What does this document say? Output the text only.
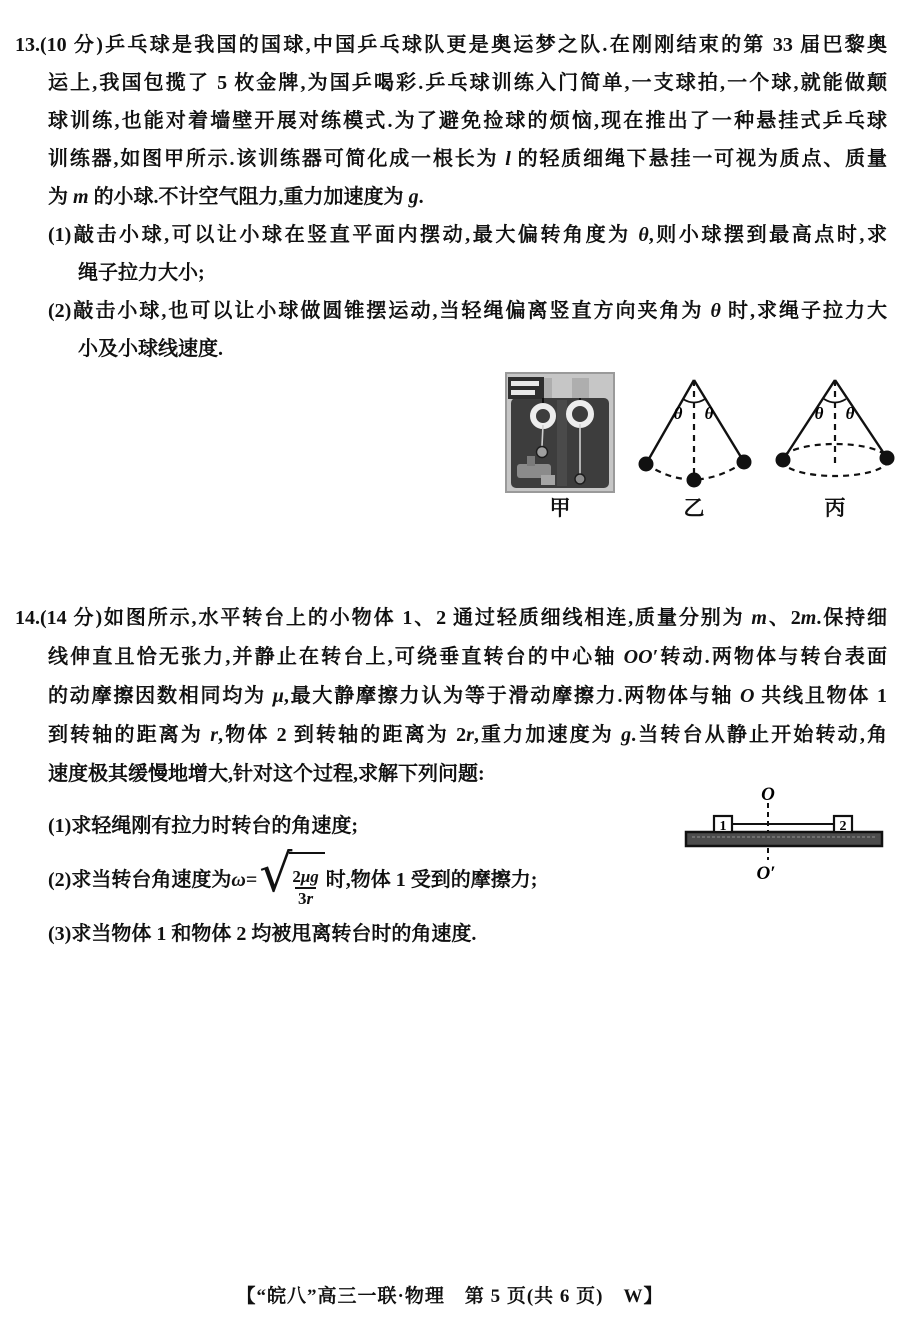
13.(10 分)乒乓球是我国的国球,中国乒乓球队更是奥运梦之队.在刚刚结束的第 33 届巴黎奥
运上,我国包揽了 5 枚金牌,为国乒喝彩.乒乓球训练入门简单,一支球拍,一个球,就能做颠
球训练,也能对着墙壁开展对练模式.为了避免捡球的烦恼,现在推出了一种悬挂式乒乓球
训练器,如图甲所示.该训练器可简化成一根长为 l 的轻质细绳下悬挂一可视为质点、质量
为 m 的小球.不计空气阻力,重力加速度为 g.
(1)敲击小球,可以让小球在竖直平面内摆动,最大偏转角度为 θ,则小球摆到最高点时,求
绳子拉力大小;
(2)敲击小球,也可以让小球做圆锥摆运动,当轻绳偏离竖直方向夹角为 θ 时,求绳子拉力大
小及小球线速度.
甲
θ θ
乙
θ θ
丙
14.(14 分)如图所示,水平转台上的小物体 1、2 通过轻质细线相连,质量分别为 m、2m.保持细
线伸直且恰无张力,并静止在转台上,可绕垂直转台的中心轴 OO′转动.两物体与转台表面
的动摩擦因数相同均为 μ,最大静摩擦力认为等于滑动摩擦力.两物体与轴 O 共线且物体 1
到转轴的距离为 r,物体 2 到转轴的距离为 2r,重力加速度为 g.当转台从静止开始转动,角
速度极其缓慢地增大,针对这个过程,求解下列问题:
(1)求轻绳刚有拉力时转台的角速度;
(2)求当转台角速度为 ω= √ $\frac{2\mu g}{3r}$ 时,物体 1 受到的摩擦力;
(3)求当物体 1 和物体 2 均被甩离转台时的角速度.
O
1	2
O′
【“皖八”高三一联·物理　第 5 页(共 6 页)　W】
